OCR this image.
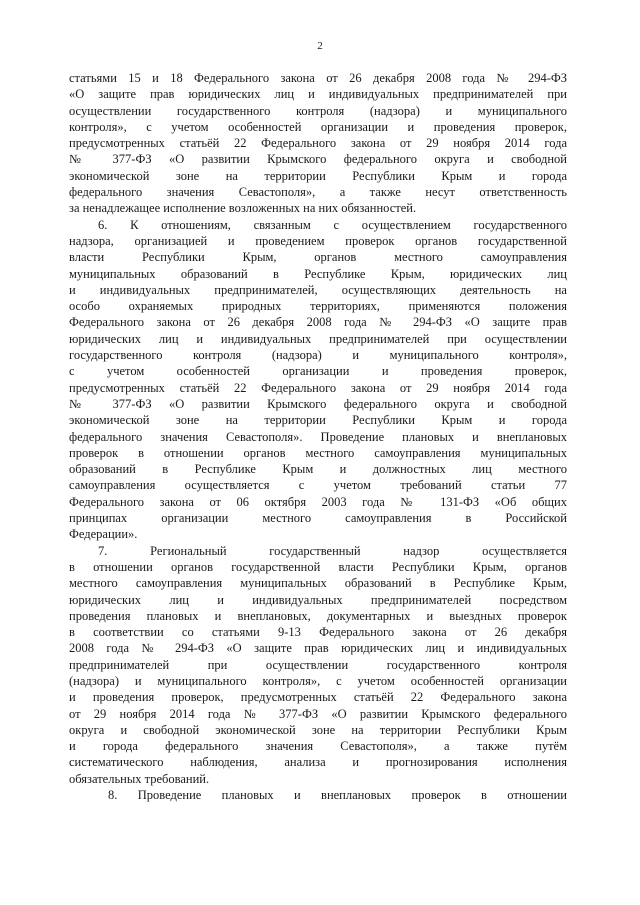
2
статьями 15 и 18 Федерального закона от 26 декабря 2008 года № 294-ФЗ
«О защите прав юридических лиц и индивидуальных предпринимателей при
осуществлении государственного контроля (надзора) и муниципального
контроля», с учетом особенностей организации и проведения проверок,
предусмотренных статьёй 22 Федерального закона от 29 ноября 2014 года
№ 377-ФЗ «О развитии Крымского федерального округа и свободной
экономической зоне на территории Республики Крым и города
федерального значения Севастополя», а также несут ответственность
за ненадлежащее исполнение возложенных на них обязанностей.
6. К отношениям, связанным с осуществлением государственного
надзора, организацией и проведением проверок органов государственной
власти Республики Крым, органов местного самоуправления
муниципальных образований в Республике Крым, юридических лиц
и индивидуальных предпринимателей, осуществляющих деятельность на
особо охраняемых природных территориях, применяются положения
Федерального закона от 26 декабря 2008 года № 294-ФЗ «О защите прав
юридических лиц и индивидуальных предпринимателей при осуществлении
государственного контроля (надзора) и муниципального контроля»,
с учетом особенностей организации и проведения проверок,
предусмотренных статьёй 22 Федерального закона от 29 ноября 2014 года
№ 377-ФЗ «О развитии Крымского федерального округа и свободной
экономической зоне на территории Республики Крым и города
федерального значения Севастополя». Проведение плановых и внеплановых
проверок в отношении органов местного самоуправления муниципальных
образований в Республике Крым и должностных лиц местного
самоуправления осуществляется с учетом требований статьи 77
Федерального закона от 06 октября 2003 года № 131-ФЗ «Об общих
принципах организации местного самоуправления в Российской
Федерации».
7. Региональный государственный надзор осуществляется
в отношении органов государственной власти Республики Крым, органов
местного самоуправления муниципальных образований в Республике Крым,
юридических лиц и индивидуальных предпринимателей посредством
проведения плановых и внеплановых, документарных и выездных проверок
в соответствии со статьями 9-13 Федерального закона от 26 декабря
2008 года № 294-ФЗ «О защите прав юридических лиц и индивидуальных
предпринимателей при осуществлении государственного контроля
(надзора) и муниципального контроля», с учетом особенностей организации
и проведения проверок, предусмотренных статьёй 22 Федерального закона
от 29 ноября 2014 года № 377-ФЗ «О развитии Крымского федерального
округа и свободной экономической зоне на территории Республики Крым
и города федерального значения Севастополя», а также путём
систематического наблюдения, анализа и прогнозирования исполнения
обязательных требований.
8. Проведение плановых и внеплановых проверок в отношении
